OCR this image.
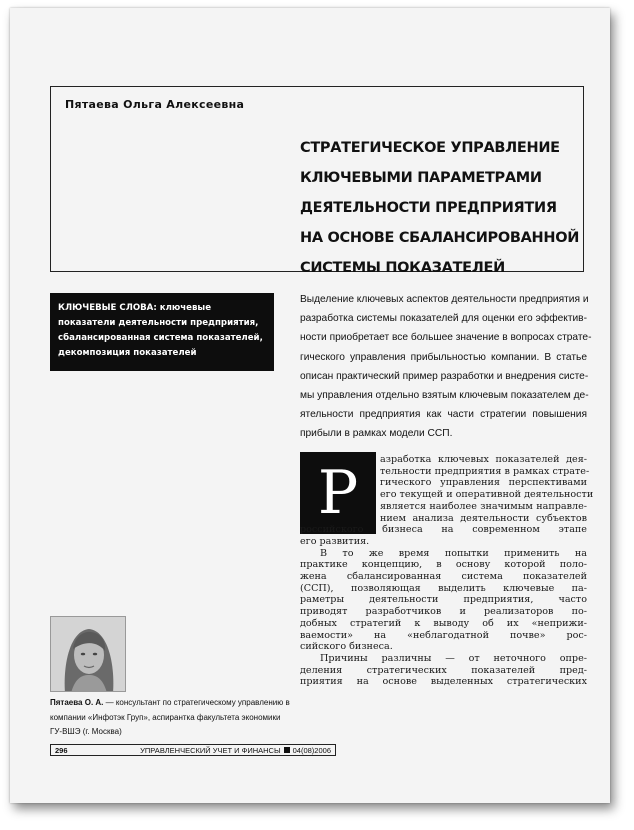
Пятаева Ольга Алексеевна
СТРАТЕГИЧЕСКОЕ УПРАВЛЕНИЕ
КЛЮЧЕВЫМИ ПАРАМЕТРАМИ
ДЕЯТЕЛЬНОСТИ ПРЕДПРИЯТИЯ
НА ОСНОВЕ СБАЛАНСИРОВАННОЙ
СИСТЕМЫ ПОКАЗАТЕЛЕЙ
КЛЮЧЕВЫЕ СЛОВА: ключевые показатели деятельности предприятия, сбалансированная система показателей, декомпозиция показателей
Выделение ключевых аспектов деятельности предприятия и
разработка системы показателей для оценки его эффектив-
ности приобретает все большее значение в вопросах страте-
гического управления прибыльностью компании. В статье
описан практический пример разработки и внедрения систе-
мы управления отдельно взятым ключевым показателем де-
ятельности предприятия как части стратегии повышения
прибыли в рамках модели ССП.
Р	азработка ключевых показателей дея-
тельности предприятия в рамках страте-
гического управления перспективами
его текущей и оперативной деятельности
является наиболее значимым направле-
нием анализа деятельности субъектов
российского бизнеса на современном этапе
его развития.
В то же время попытки применить на
практике концепцию, в основу которой поло-
жена сбалансированная система показателей
(ССП), позволяющая выделить ключевые па-
раметры деятельности предприятия, часто
приводят разработчиков и реализаторов по-
добных стратегий к выводу об их «неприжи-
ваемости» на «неблагодатной почве» рос-
сийского бизнеса.
Причины различны — от неточного опре-
деления стратегических показателей пред-
приятия на основе выделенных стратегических
Пятаева О. А. — консультант по стратегическому управлению в компании «Инфотэк Груп», аспирантка факультета экономики ГУ-ВШЭ (г. Москва)
296	УПРАВЛЕНЧЕСКИЙ УЧЕТ И ФИНАНСЫ 04(08)2006
